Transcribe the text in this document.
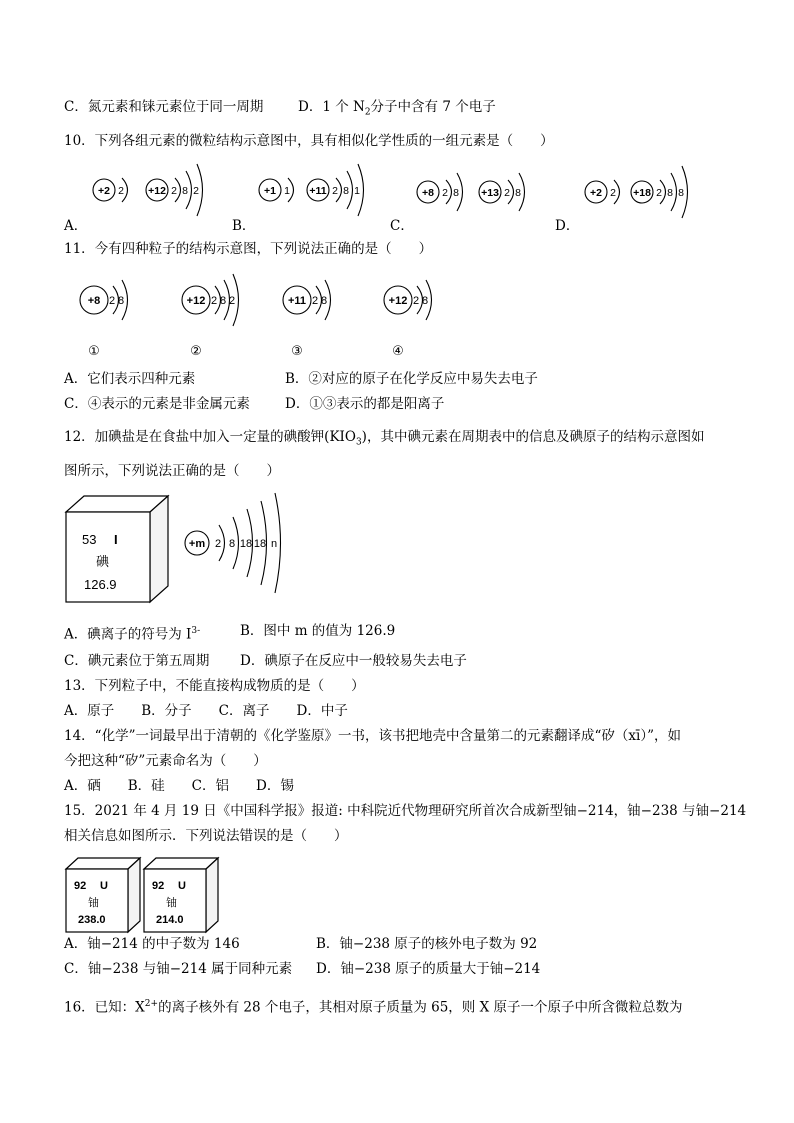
C．氮元素和铼元素位于同一周期	D．1 个 $N_2$分子中含有 7 个电子
10．下列各组元素的微粒结构示意图中，具有相似化学性质的一组元素是（　　）
+2 2 +12 2 8 2	+1 1 +11 2 8 1	+8 2 8 +13 2 8	+2 2 +18 2 8 8
A．	B．	C．	D．
11．今有四种粒子的结构示意图，下列说法正确的是（　　）
+8 2 8
①
+12 2 8 2
②
+11 2 8
③
+12 2 8
④
A．它们表示四种元素	B．②对应的原子在化学反应中易失去电子
C．④表示的元素是非金属元素	D．①③表示的都是阳离子
12．加碘盐是在食盐中加入一定量的碘酸钾$(KIO_3)$，其中碘元素在周期表中的信息及碘原子的结构示意图如
图所示，下列说法正确的是（　　）
53 I
碘
126.9
+m 2 8 18 18 n
A．碘离子的符号为 $I^{3-}$	B．图中 m 的值为 126.9
C．碘元素位于第五周期 D．碘原子在反应中一般较易失去电子
13．下列粒子中，不能直接构成物质的是（　　）
A．原子　　B．分子　　C．离子　　D．中子
14．“化学”一词最早出于清朝的《化学鉴原》一书，该书把地壳中含量第二的元素翻译成“矽（xī）”，如
今把这种“矽”元素命名为（　　）
A．硒　　B．硅　　C．铝　　D．锡
15．2021 年 4 月 19 日《中国科学报》报道: 中科院近代物理研究所首次合成新型铀−214，铀−238 与铀−214
相关信息如图所示．下列说法错误的是（　　）
92 U
铀
238.0
92 U
铀
214.0
A．铀−214 的中子数为 146	B．铀−238 原子的核外电子数为 92
C．铀−238 与铀−214 属于同种元素 D．铀−238 原子的质量大于铀−214
16．已知：$X^{2+}$的离子核外有 28 个电子，其相对原子质量为 65，则 X 原子一个原子中所含微粒总数为
